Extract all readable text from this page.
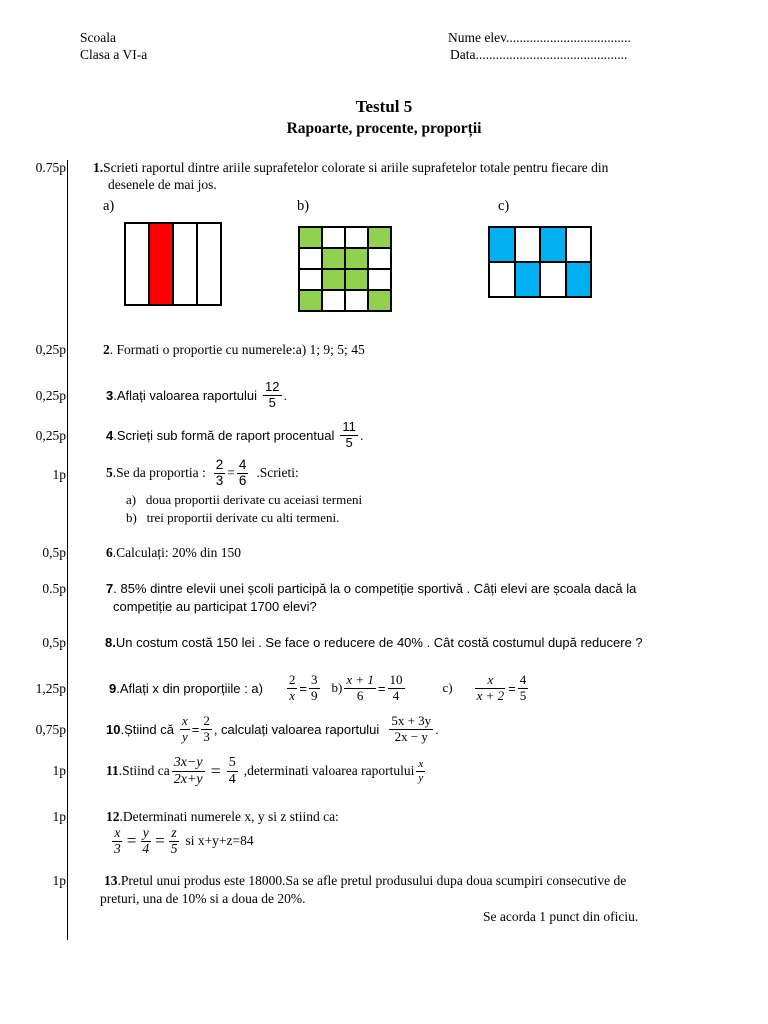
Scoala
Clasa a VI-a
Nume elev.....................................
Data.............................................
Testul 5
Rapoarte, procente, proporții
0.75p 1.Scrieti raportul dintre ariile suprafetelor colorate si ariile suprafetelor totale pentru fiecare din
desenele de mai jos.
a)	b)	c)
0,25p	2. Formati o proportie cu numerele:a) 1; 9; 5; 45
0,25p	3 .Aflați valoarea raportului $\frac{12}{5}$ .
0,25p	4 .Scrieți sub formă de raport procentual $\frac{11}{5}$ .
1p	5 .Se da proportia : $\frac{2}{3} = \frac{4}{6}$ .Scrieti:
a) doua proportii derivate cu aceiasi termeni
b) trei proportii derivate cu alti termeni.
0,5p	6.Calculați: 20% din 150
0.5p	7. 85% dintre elevii unei școli participă la o competiție sportivă . Câți elevi are școala dacă la
competiție au participat 1700 elevi?
0,5p	8.Un costum costă 150 lei . Se face o reducere de 40% . Cât costă costumul după reducere ?
1,25p	9 .Aflați x din proporțiile : $a) \frac{2}{x} = \frac{3}{9} b) \frac{x + 1}{6} = \frac{10}{4}$	$c) \frac{x}{x + 2} = \frac{4}{5}$
0,75p	10 .Știind că $\frac{x}{y} = \frac{2}{3}$ , calculați valoarea raportului $\frac{5x + 3y}{2x - y}$ .
1p	11 .Stiind ca $\frac{3x-y}{2x+y} = \frac{5}{4}$ ,determinati valoarea raportului $\frac{x}{y}$
1p	12.Determinati numerele x, y si z stiind ca:
$\frac{x}{3} = \frac{y}{4} = \frac{z}{5}$ si x+y+z=84
1p	13.Pretul unui produs este 18000.Sa se afle pretul produsului dupa doua scumpiri consecutive de
preturi, una de 10% si a doua de 20%.
Se acorda 1 punct din oficiu.
